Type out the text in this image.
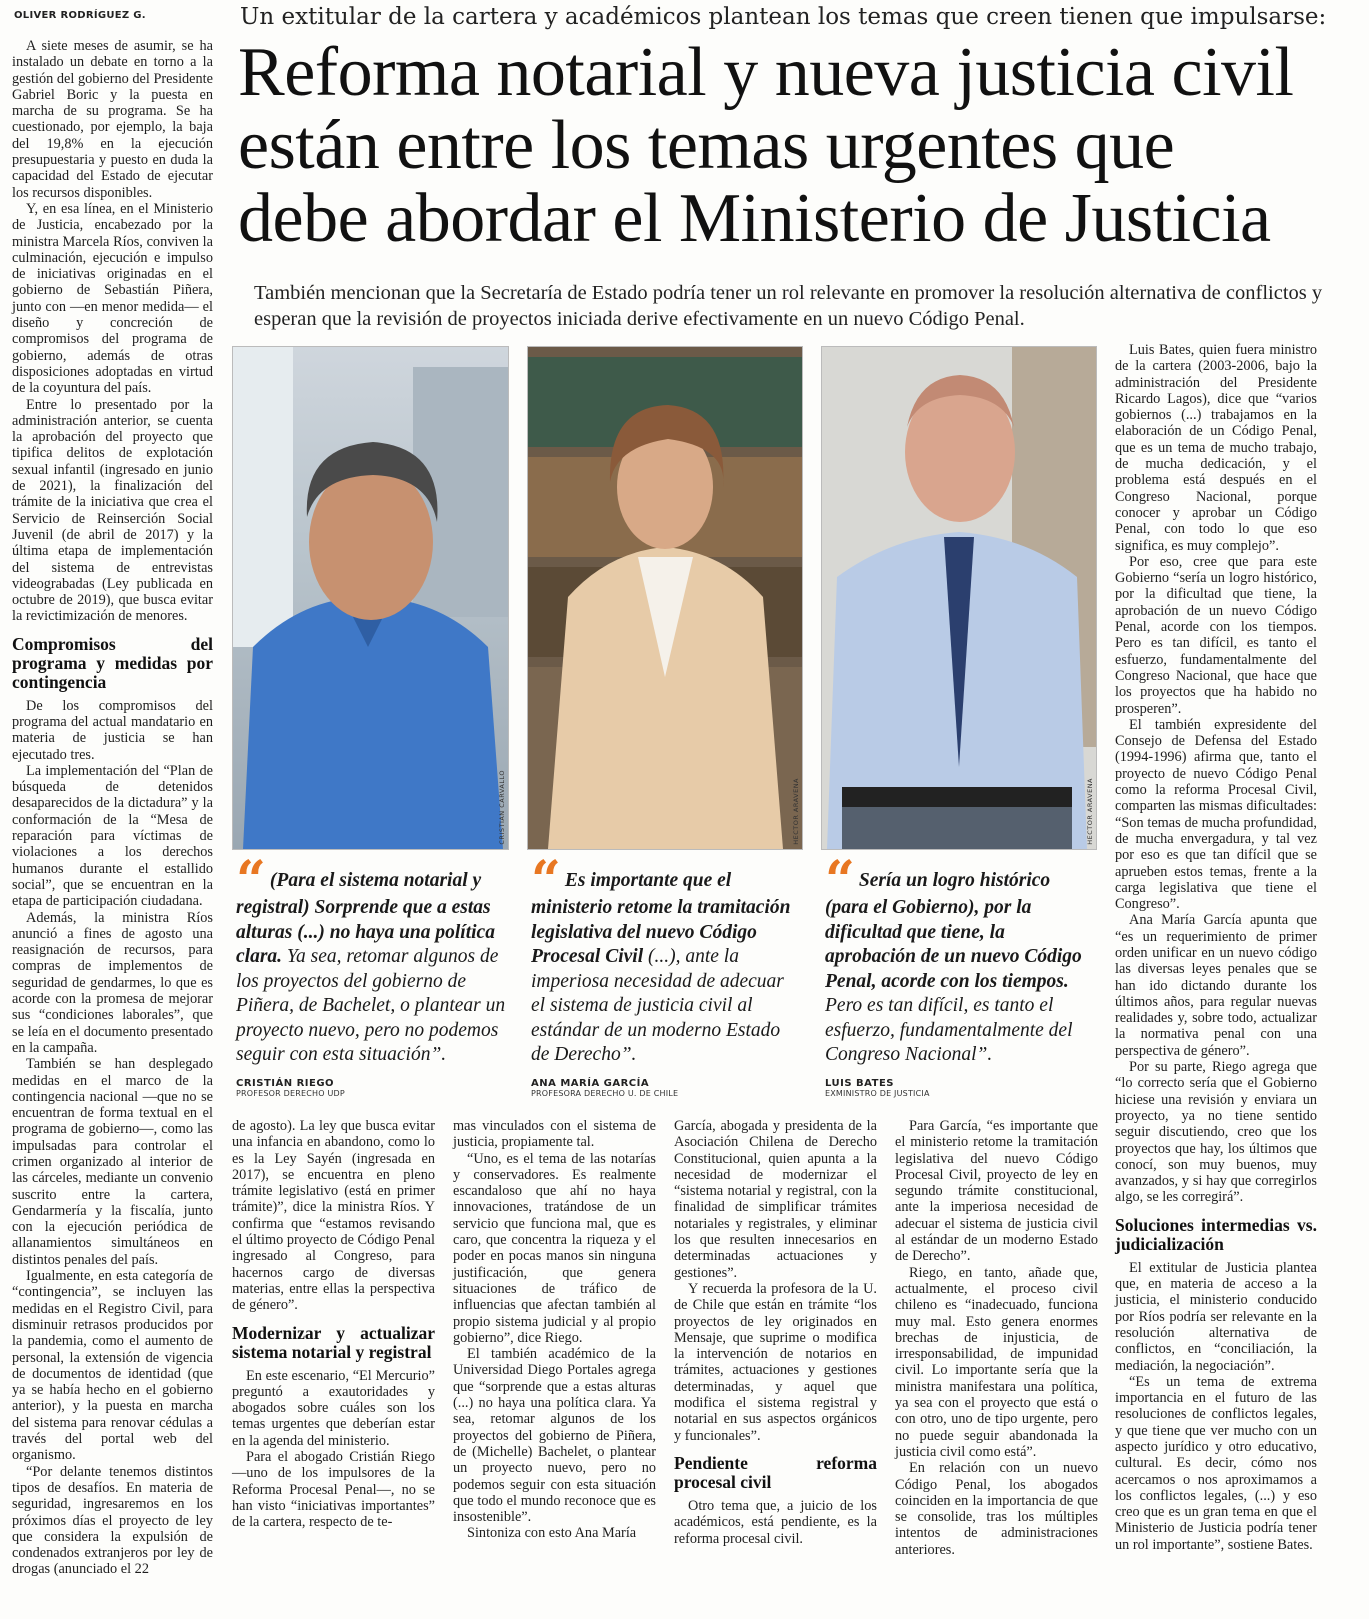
OLIVER RODRÍGUEZ G.	Un extitular de la cartera y académicos plantean los temas que creen tienen que impulsarse:
Reforma notarial y nueva justicia civil
están entre los temas urgentes que
debe abordar el Ministerio de Justicia
También mencionan que la Secretaría de Estado podría tener un rol relevante en promover la resolución alternativa de conflictos y esperan que la revisión de proyectos iniciada derive efectivamente en un nuevo Código Penal.

A siete meses de asumir, se ha instalado un debate en torno a la gestión del gobierno del Presidente Gabriel Boric y la puesta en marcha de su programa. Se ha cuestionado, por ejemplo, la baja del 19,8% en la ejecución presupuestaria y puesto en duda la capacidad del Estado de ejecutar los recursos disponibles.

Y, en esa línea, en el Ministerio de Justicia, encabezado por la ministra Marcela Ríos, conviven la culminación, ejecución e impulso de iniciativas originadas en el gobierno de Sebastián Piñera, junto con —en menor medida— el diseño y concreción de compromisos del programa de gobierno, además de otras disposiciones adoptadas en virtud de la coyuntura del país.

Entre lo presentado por la administración anterior, se cuenta la aprobación del proyecto que tipifica delitos de explotación sexual infantil (ingresado en junio de 2021), la finalización del trámite de la iniciativa que crea el Servicio de Reinserción Social Juvenil (de abril de 2017) y la última etapa de implementación del sistema de entrevistas videograbadas (Ley publicada en octubre de 2019), que busca evitar la revictimización de menores.

Compromisos del programa y medidas por contingencia

De los compromisos del programa del actual mandatario en materia de justicia se han ejecutado tres.

La implementación del “Plan de búsqueda de detenidos desaparecidos de la dictadura” y la conformación de la “Mesa de reparación para víctimas de violaciones a los derechos humanos durante el estallido social”, que se encuentran en la etapa de participación ciudadana.

Además, la ministra Ríos anunció a fines de agosto una reasignación de recursos, para compras de implementos de seguridad de gendarmes, lo que es acorde con la promesa de mejorar sus “condiciones laborales”, que se leía en el documento presentado en la campaña.

También se han desplegado medidas en el marco de la contingencia nacional —que no se encuentran de forma textual en el programa de gobierno—, como las impulsadas para controlar el crimen organizado al interior de las cárceles, mediante un convenio suscrito entre la cartera, Gendarmería y la fiscalía, junto con la ejecución periódica de allanamientos simultáneos en distintos penales del país.

Igualmente, en esta categoría de “contingencia”, se incluyen las medidas en el Registro Civil, para disminuir retrasos producidos por la pandemia, como el aumento de personal, la extensión de vigencia de documentos de identidad (que ya se había hecho en el gobierno anterior), y la puesta en marcha del sistema para renovar cédulas a través del portal web del organismo.

“Por delante tenemos distintos tipos de desafíos. En materia de seguridad, ingresaremos en los próximos días el proyecto de ley que considera la expulsión de condenados extranjeros por ley de drogas (anunciado el 22

CRISTIAN CARVALLO	HECTOR ARAVENA	HECTOR ARAVENA
“ (Para el sistema notarial y registral) Sorprende que a estas alturas (...) no haya una política clara. Ya sea, retomar algunos de los proyectos del gobierno de Piñera, de Bachelet, o plantear un proyecto nuevo, pero no podemos seguir con esta situación”.
CRISTIÁN RIEGO
PROFESOR DERECHO UDP
“ Es importante que el ministerio retome la tramitación legislativa del nuevo Código Procesal Civil (...), ante la imperiosa necesidad de adecuar el sistema de justicia civil al estándar de un moderno Estado de Derecho”.
ANA MARÍA GARCÍA
PROFESORA DERECHO U. DE CHILE
“ Sería un logro histórico (para el Gobierno), por la dificultad que tiene, la aprobación de un nuevo Código Penal, acorde con los tiempos. Pero es tan difícil, es tanto el esfuerzo, fundamentalmente del Congreso Nacional”.
LUIS BATES
EXMINISTRO DE JUSTICIA

de agosto). La ley que busca evitar una infancia en abandono, como lo es la Ley Sayén (ingresada en 2017), se encuentra en pleno trámite legislativo (está en primer trámite)”, dice la ministra Ríos. Y confirma que “estamos revisando el último proyecto de Código Penal ingresado al Congreso, para hacernos cargo de diversas materias, entre ellas la perspectiva de género”.

Modernizar y actualizar sistema notarial y registral

En este escenario, “El Mercurio” preguntó a exautoridades y abogados sobre cuáles son los temas urgentes que deberían estar en la agenda del ministerio.

Para el abogado Cristián Riego —uno de los impulsores de la Reforma Procesal Penal—, no se han visto “iniciativas importantes” de la cartera, respecto de te-

mas vinculados con el sistema de justicia, propiamente tal.

“Uno, es el tema de las notarías y conservadores. Es realmente escandaloso que ahí no haya innovaciones, tratándose de un servicio que funciona mal, que es caro, que concentra la riqueza y el poder en pocas manos sin ninguna justificación, que genera situaciones de tráfico de influencias que afectan también al propio sistema judicial y al propio gobierno”, dice Riego.

El también académico de la Universidad Diego Portales agrega que “sorprende que a estas alturas (...) no haya una política clara. Ya sea, retomar algunos de los proyectos del gobierno de Piñera, de (Michelle) Bachelet, o plantear un proyecto nuevo, pero no podemos seguir con esta situación que todo el mundo reconoce que es insostenible”.

Sintoniza con esto Ana María

García, abogada y presidenta de la Asociación Chilena de Derecho Constitucional, quien apunta a la necesidad de modernizar el “sistema notarial y registral, con la finalidad de simplificar trámites notariales y registrales, y eliminar los que resulten innecesarios en determinadas actuaciones y gestiones”.

Y recuerda la profesora de la U. de Chile que están en trámite “los proyectos de ley originados en Mensaje, que suprime o modifica la intervención de notarios en trámites, actuaciones y gestiones determinadas, y aquel que modifica el sistema registral y notarial en sus aspectos orgánicos y funcionales”.

Pendiente reforma procesal civil

Otro tema que, a juicio de los académicos, está pendiente, es la reforma procesal civil.

Para García, “es importante que el ministerio retome la tramitación legislativa del nuevo Código Procesal Civil, proyecto de ley en segundo trámite constitucional, ante la imperiosa necesidad de adecuar el sistema de justicia civil al estándar de un moderno Estado de Derecho”.

Riego, en tanto, añade que, actualmente, el proceso civil chileno es “inadecuado, funciona muy mal. Esto genera enormes brechas de injusticia, de irresponsabilidad, de impunidad civil. Lo importante sería que la ministra manifestara una política, ya sea con el proyecto que está o con otro, uno de tipo urgente, pero no puede seguir abandonada la justicia civil como está”.

En relación con un nuevo Código Penal, los abogados coinciden en la importancia de que se consolide, tras los múltiples intentos de administraciones anteriores.

Luis Bates, quien fuera ministro de la cartera (2003-2006, bajo la administración del Presidente Ricardo Lagos), dice que “varios gobiernos (...) trabajamos en la elaboración de un Código Penal, que es un tema de mucho trabajo, de mucha dedicación, y el problema está después en el Congreso Nacional, porque conocer y aprobar un Código Penal, con todo lo que eso significa, es muy complejo”.

Por eso, cree que para este Gobierno “sería un logro histórico, por la dificultad que tiene, la aprobación de un nuevo Código Penal, acorde con los tiempos. Pero es tan difícil, es tanto el esfuerzo, fundamentalmente del Congreso Nacional, que hace que los proyectos que ha habido no prosperen”.

El también expresidente del Consejo de Defensa del Estado (1994-1996) afirma que, tanto el proyecto de nuevo Código Penal como la reforma Procesal Civil, comparten las mismas dificultades: “Son temas de mucha profundidad, de mucha envergadura, y tal vez por eso es que tan difícil que se aprueben estos temas, frente a la carga legislativa que tiene el Congreso”.

Ana María García apunta que “es un requerimiento de primer orden unificar en un nuevo código las diversas leyes penales que se han ido dictando durante los últimos años, para regular nuevas realidades y, sobre todo, actualizar la normativa penal con una perspectiva de género”.

Por su parte, Riego agrega que “lo correcto sería que el Gobierno hiciese una revisión y enviara un proyecto, ya no tiene sentido seguir discutiendo, creo que los proyectos que hay, los últimos que conocí, son muy buenos, muy avanzados, y si hay que corregirlos algo, se les corregirá”.

Soluciones intermedias vs. judicialización

El extitular de Justicia plantea que, en materia de acceso a la justicia, el ministerio conducido por Ríos podría ser relevante en la resolución alternativa de conflictos, en “conciliación, la mediación, la negociación”.

“Es un tema de extrema importancia en el futuro de las resoluciones de conflictos legales, y que tiene que ver mucho con un aspecto jurídico y otro educativo, cultural. Es decir, cómo nos acercamos o nos aproximamos a los conflictos legales, (...) y eso creo que es un gran tema en que el Ministerio de Justicia podría tener un rol importante”, sostiene Bates.
